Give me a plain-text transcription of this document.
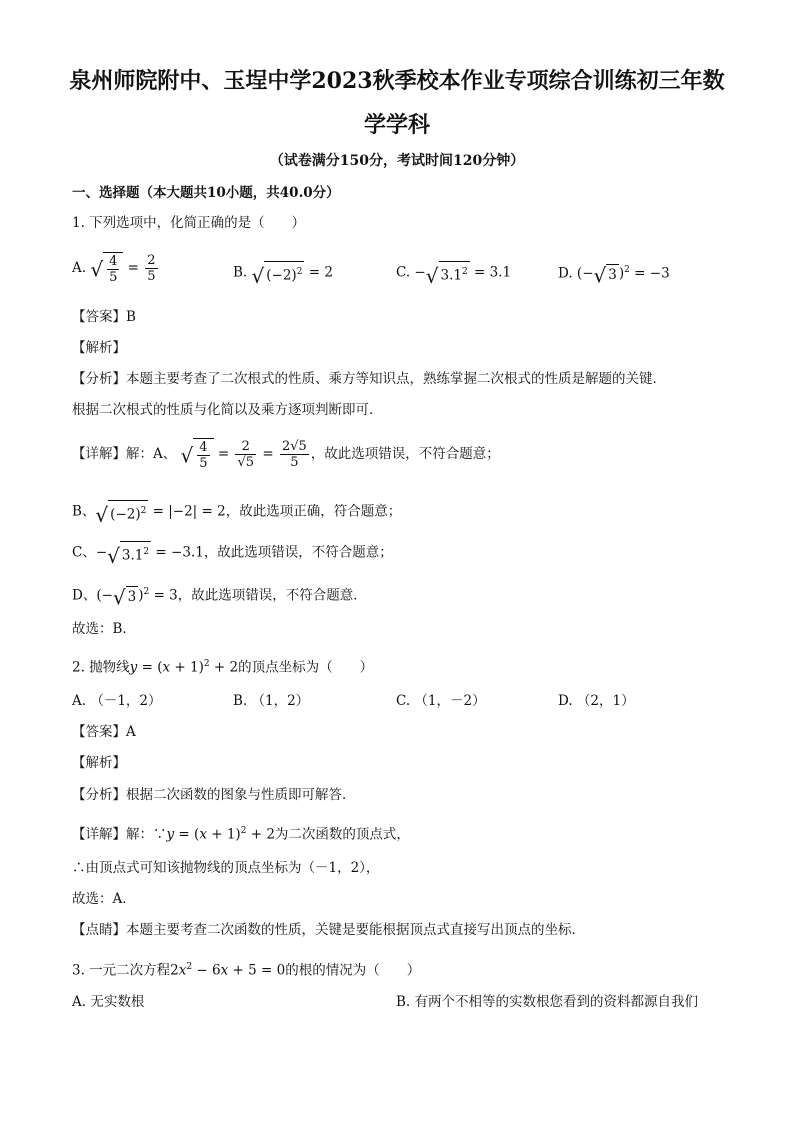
泉州师院附中、玉埕中学2023秋季校本作业专项综合训练初三年数
学学科
（试卷满分150分，考试时间120分钟）
一、选择题（本大题共10小题，共40.0分）
1. 下列选项中，化简正确的是（　　）
A. √ $\frac{4}{5} = \frac{2}{5}$	B. √ $(-2)^2 = 2$	C. −√ $3.1^2 = 3.1$	D. (−√ 3 )$^2$ = −3
【答案】B
【解析】
【分析】本题主要考查了二次根式的性质、乘方等知识点，熟练掌握二次根式的性质是解题的关键．
根据二次根式的性质与化简以及乘方逐项判断即可．
【详解】解：A、 √ $\frac{4}{5} = \frac{2}{√5} = \frac{2√5}{5}$ ，故此选项错误，不符合题意；
B、√ $(-2)^2 = |-2| = 2$，故此选项正确，符合题意；
C、−√ $3.1^2 = -3.1$，故此选项错误，不符合题意；
D、(−√ 3 )$^2$ = 3，故此选项错误，不符合题意．
故选：B．
2. 抛物线$y = (x + 1)^2 + 2$的顶点坐标为（　　）
A. （－1，2）	B. （1，2）	C. （1，－2）	D. （2，1）
【答案】A
【解析】
【分析】根据二次函数的图象与性质即可解答．
【详解】解：∵y = $(x + 1)^2 + 2$为二次函数的顶点式，
∴由顶点式可知该抛物线的顶点坐标为（－1，2），
故选：A．
【点睛】本题主要考查二次函数的性质，关键是要能根据顶点式直接写出顶点的坐标．
3. 一元二次方程$2x^2 - 6x + 5 = 0$的根的情况为（　　）
A. 无实数根	B. 有两个不相等的实数根您看到的资料都源自我们
